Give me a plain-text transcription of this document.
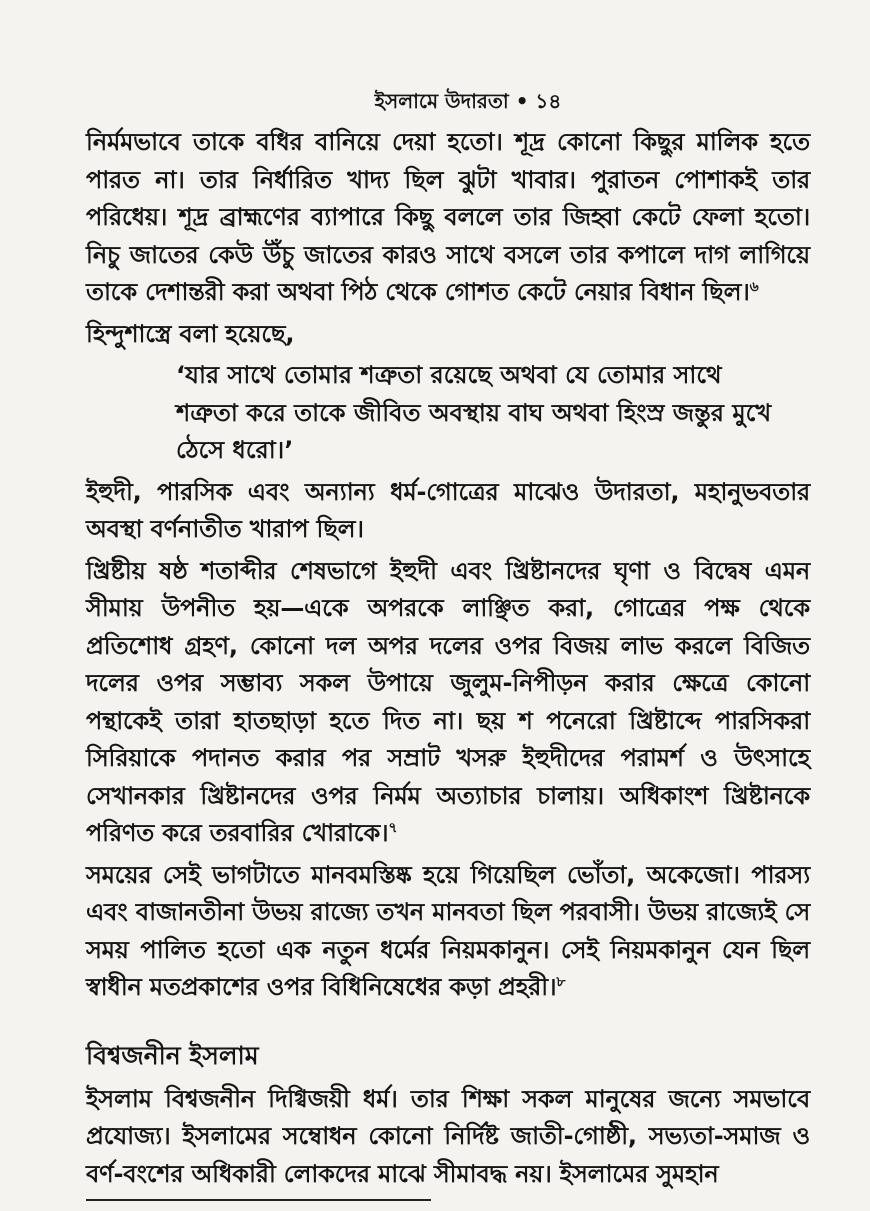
ইসলামে উদারতা • ১৪

নির্মমভাবে তাকে বধির বানিয়ে দেয়া হতো। শূদ্র কোনো কিছুর মালিক হতে পারত না। তার নির্ধারিত খাদ্য ছিল ঝুটা খাবার। পুরাতন পোশাকই তার পরিধেয়। শূদ্র ব্রাহ্মণের ব্যাপারে কিছু বললে তার জিহ্বা কেটে ফেলা হতো। নিচু জাতের কেউ উঁচু জাতের কারও সাথে বসলে তার কপালে দাগ লাগিয়ে তাকে দেশান্তরী করা অথবা পিঠ থেকে গোশত কেটে নেয়ার বিধান ছিল।$^৬$

হিন্দুশাস্ত্রে বলা হয়েছে,

‘যার সাথে তোমার শত্রুতা রয়েছে অথবা যে তোমার সাথে শত্রুতা করে তাকে জীবিত অবস্থায় বাঘ অথবা হিংস্র জন্তুর মুখে ঠেসে ধরো।’

ইহুদী, পারসিক এবং অন্যান্য ধর্ম-গোত্রের মাঝেও উদারতা, মহানুভবতার অবস্থা বর্ণনাতীত খারাপ ছিল।

খ্রিষ্টীয় ষষ্ঠ শতাব্দীর শেষভাগে ইহুদী এবং খ্রিষ্টানদের ঘৃণা ও বিদ্বেষ এমন সীমায় উপনীত হয়—একে অপরকে লাঞ্ছিত করা, গোত্রের পক্ষ থেকে প্রতিশোধ গ্রহণ, কোনো দল অপর দলের ওপর বিজয় লাভ করলে বিজিত দলের ওপর সম্ভাব্য সকল উপায়ে জুলুম-নিপীড়ন করার ক্ষেত্রে কোনো পন্থাকেই তারা হাতছাড়া হতে দিত না। ছয় শ পনেরো খ্রিষ্টাব্দে পারসিকরা সিরিয়াকে পদানত করার পর সম্রাট খসরু ইহুদীদের পরামর্শ ও উৎসাহে সেখানকার খ্রিষ্টানদের ওপর নির্মম অত্যাচার চালায়। অধিকাংশ খ্রিষ্টানকে পরিণত করে তরবারির খোরাকে।$^৭$

সময়ের সেই ভাগটাতে মানবমস্তিষ্ক হয়ে গিয়েছিল ভোঁতা, অকেজো। পারস্য এবং বাজানতীনা উভয় রাজ্যে তখন মানবতা ছিল পরবাসী। উভয় রাজ্যেই সে সময় পালিত হতো এক নতুন ধর্মের নিয়মকানুন। সেই নিয়মকানুন যেন ছিল স্বাধীন মতপ্রকাশের ওপর বিধিনিষেধের কড়া প্রহরী।$^৮$

বিশ্বজনীন ইসলাম

ইসলাম বিশ্বজনীন দিগ্বিজয়ী ধর্ম। তার শিক্ষা সকল মানুষের জন্যে সমভাবে প্রযোজ্য। ইসলামের সম্বোধন কোনো নির্দিষ্ট জাতী-গোষ্ঠী, সভ্যতা-সমাজ ও বর্ণ-বংশের অধিকারী লোকদের মাঝে সীমাবদ্ধ নয়। ইসলামের সুমহান
